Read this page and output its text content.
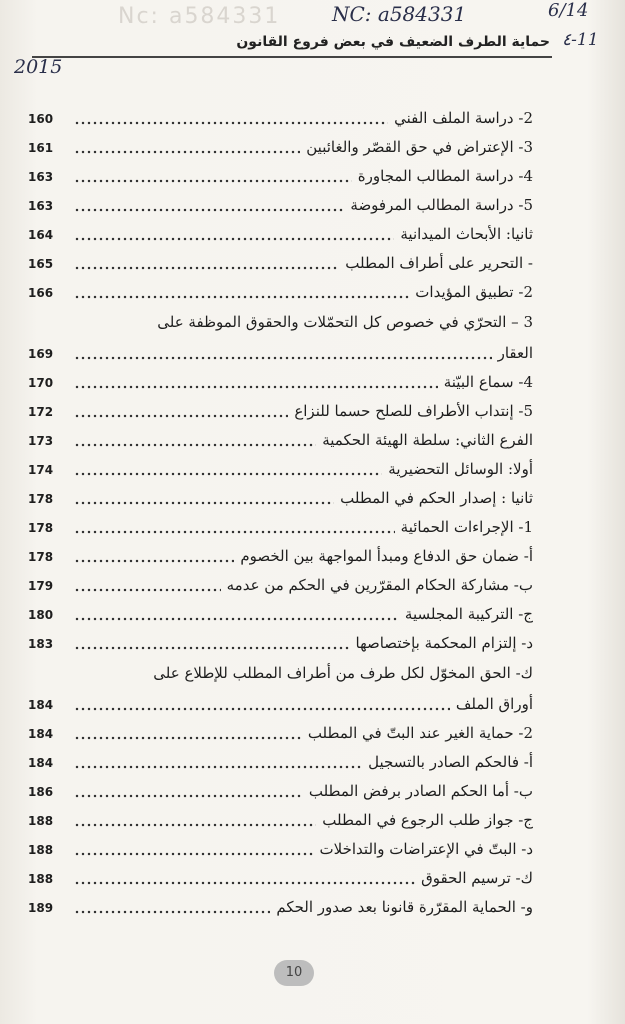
Nc: a584331	NC: a584331	6/14
٤-11
2015
حماية الطرف الضعيف في بعض فروع القانون
2- دراسة الملف الفني
160
3- الإعتراض في حق القصّر والغائبين
161
4- دراسة المطالب المجاورة
163
5- دراسة المطالب المرفوضة
163
ثانيا: الأبحاث الميدانية
164
- التحرير على أطراف المطلب
165
2- تطبيق المؤيدات
166
3 – التحرّي في خصوص كل التحمّلات والحقوق الموظفة على
العقار
169
4- سماع البيّنة
170
5- إنتداب الأطراف للصلح حسما للنزاع
172
الفرع الثاني: سلطة الهيئة الحكمية
173
أولا: الوسائل التحضيرية
174
ثانيا : إصدار الحكم في المطلب
178
1- الإجراءات الحمائية
178
أ- ضمان حق الدفاع ومبدأ المواجهة بين الخصوم
178
ب- مشاركة الحكام المقرّرين في الحكم من عدمه
179
ج- التركيبة المجلسية
180
د- إلتزام المحكمة بإختصاصها
183
ك- الحق المخوّل لكل طرف من أطراف المطلب للإطلاع على
أوراق الملف
184
2- حماية الغير عند البتّ في المطلب
184
أ- فالحكم الصادر بالتسجيل
184
ب- أما الحكم الصادر برفض المطلب
186
ج- جواز طلب الرجوع في المطلب
188
د- البتّ في الإعتراضات والتداخلات
188
ك- ترسيم الحقوق
188
و- الحماية المقرّرة قانونا بعد صدور الحكم
189
10
